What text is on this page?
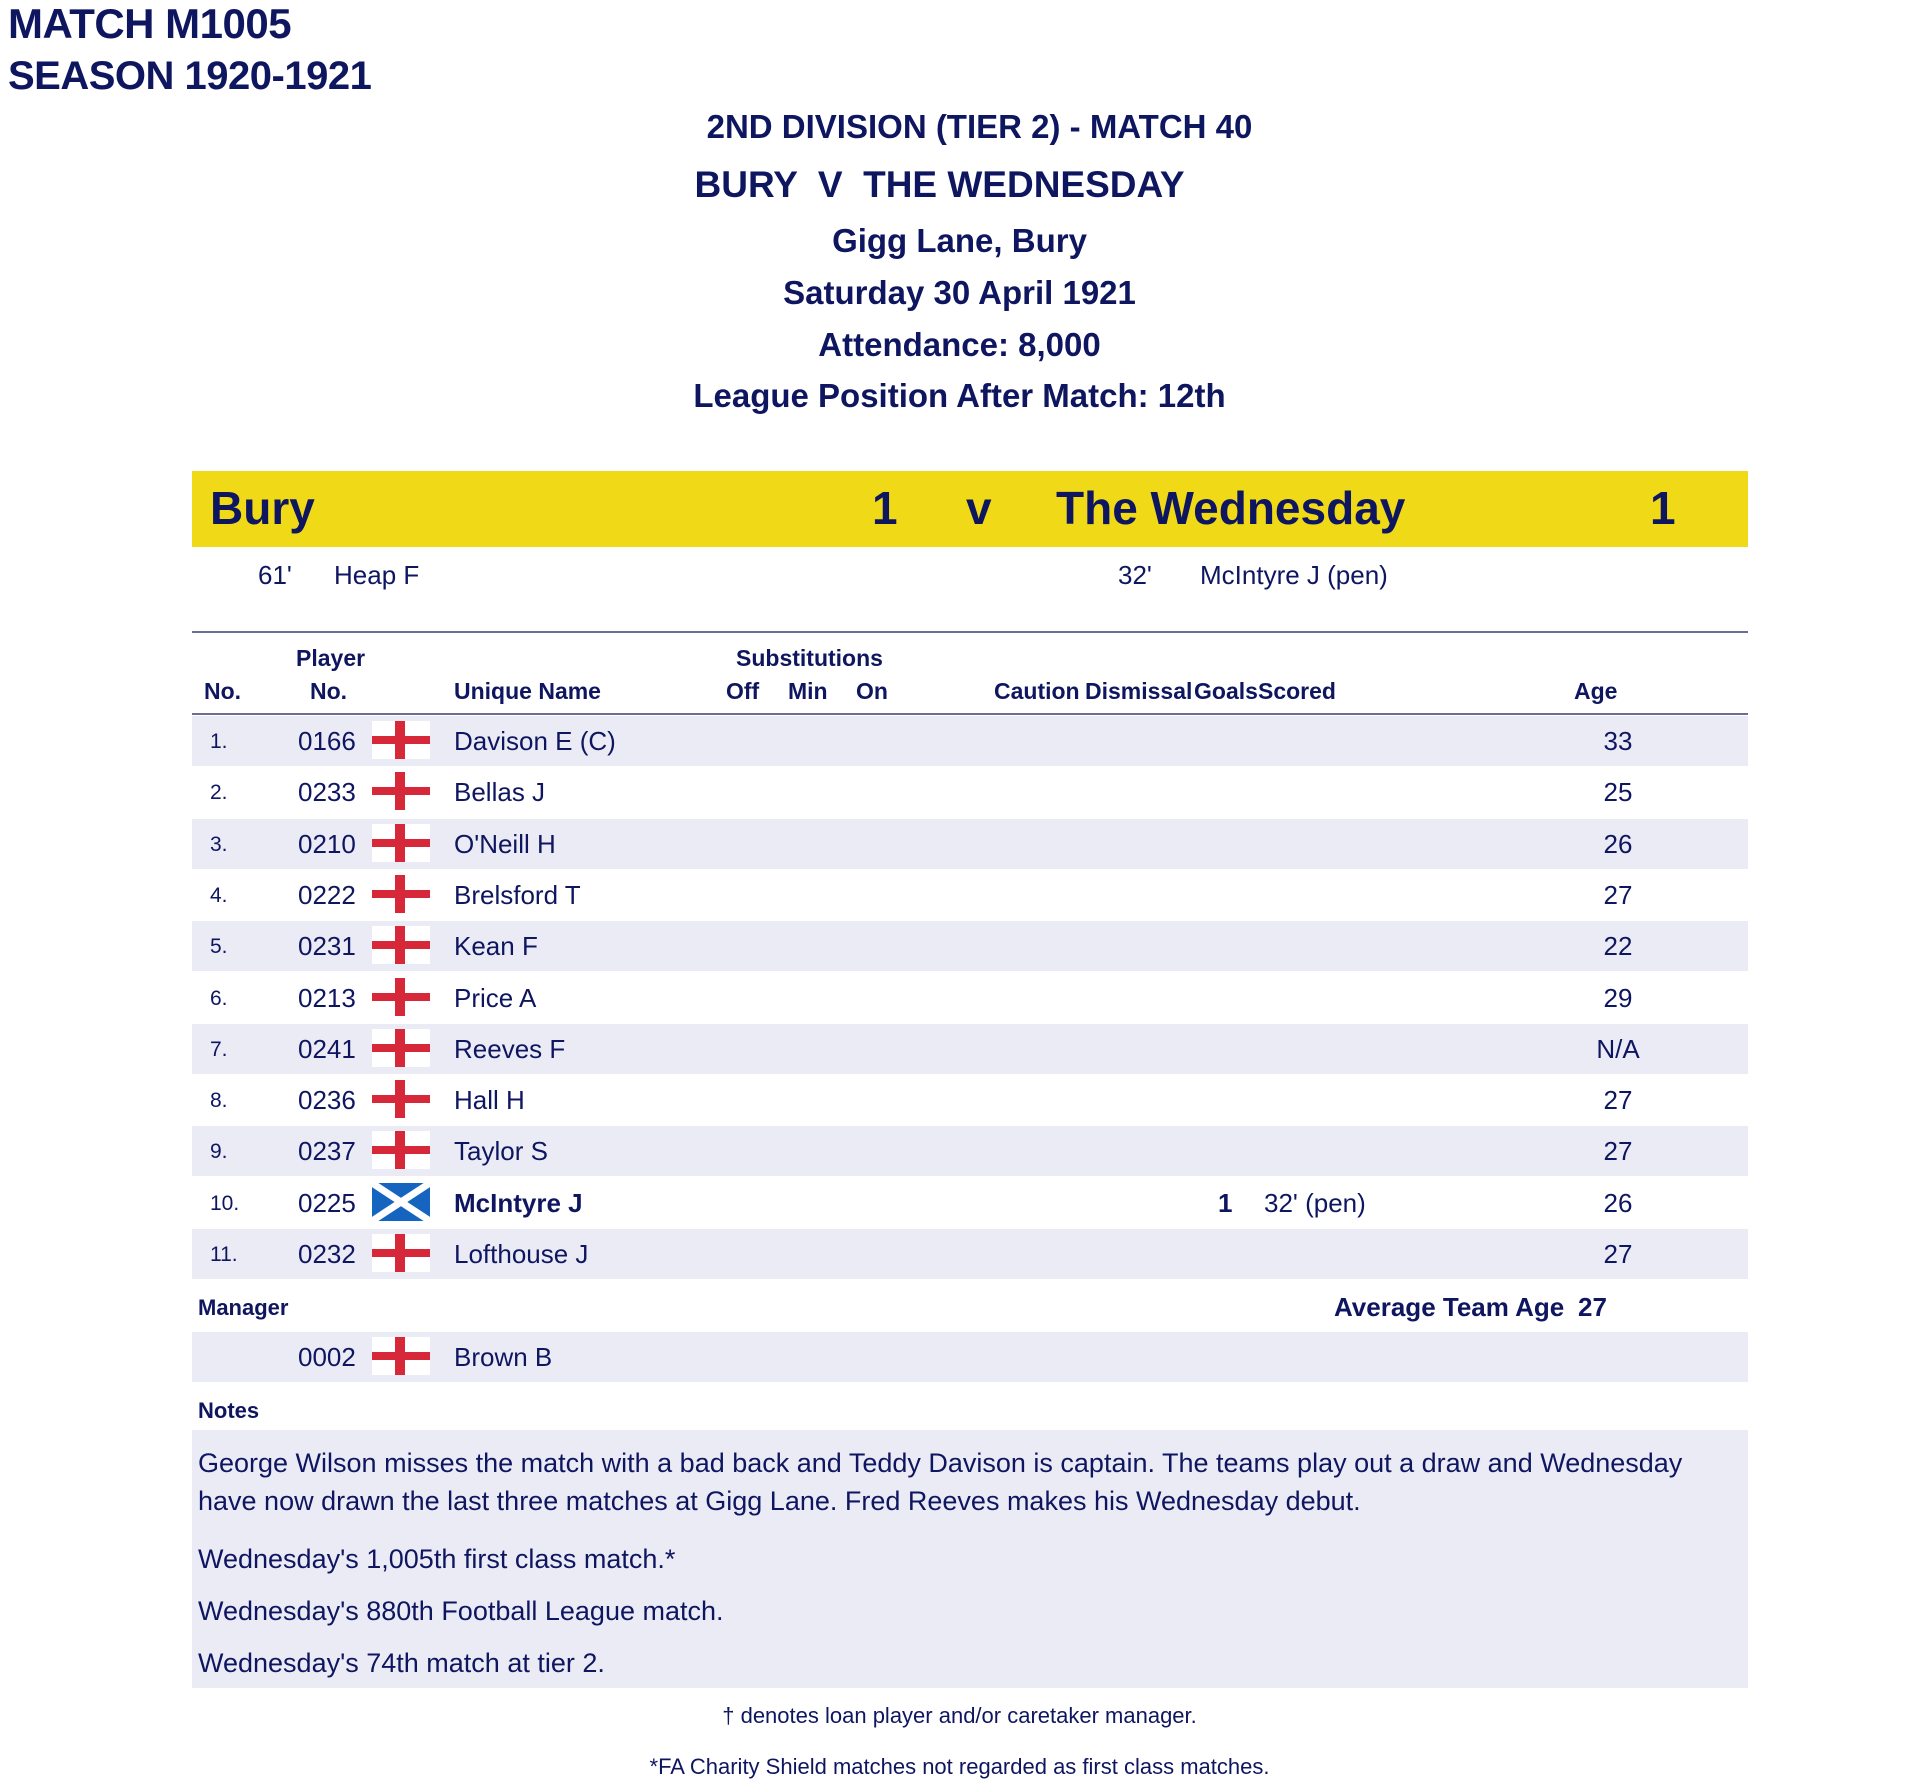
MATCH M1005
SEASON 1920-1921
2ND DIVISION (TIER 2) - MATCH 40
BURY  V  THE WEDNESDAY
Gigg Lane, Bury
Saturday 30 April 1921
Attendance: 8,000
League Position After Match: 12th
Bury	1 v The Wednesday	1
61' Heap F	32' McIntyre J (pen)
No.
Player
No.	Unique Name
Substitutions
Off Min On	Caution Dismissal Goals Scored	Age
1.	0166	Davison E (C)	33
2.	0233	Bellas J	25
3.	0210	O'Neill H	26
4.	0222	Brelsford T	27
5.	0231	Kean F	22
6.	0213	Price A	29
7.	0241	Reeves F	N/A
8.	0236	Hall H	27
9.	0237	Taylor S	27
10. 0225	McIntyre J	1 32' (pen)	26
11. 0232	Lofthouse J	27
Manager	Average Team Age 27
0002	Brown B
Notes

George Wilson misses the match with a bad back and Teddy Davison is captain. The teams play out a draw and Wednesday have now drawn the last three matches at Gigg Lane. Fred Reeves makes his Wednesday debut.

Wednesday's 1,005th first class match.*

Wednesday's 880th Football League match.

Wednesday's 74th match at tier 2.

† denotes loan player and/or caretaker manager.
*FA Charity Shield matches not regarded as first class matches.
